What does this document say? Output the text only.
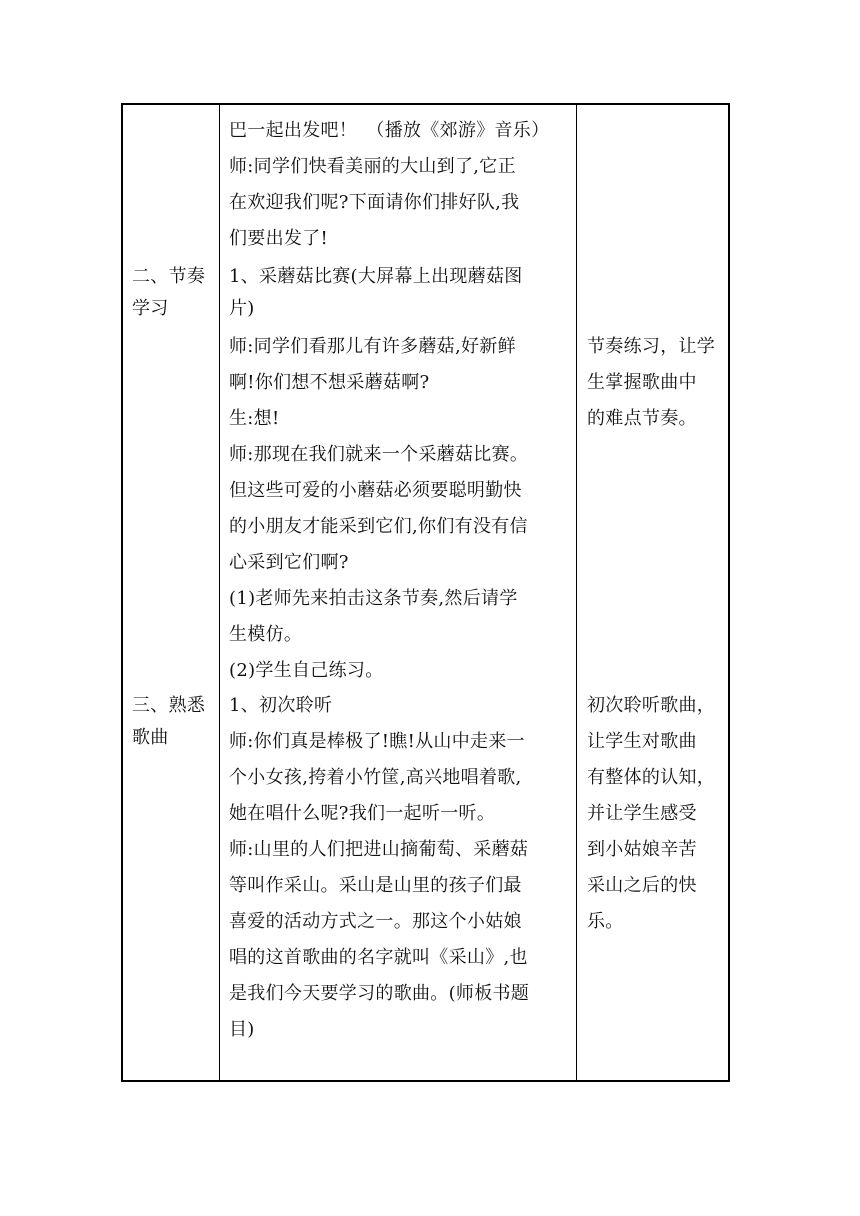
二、节奏
学习
三、熟悉
歌曲
巴一起出发吧！　（播放《郊游》音乐）
师:同学们快看美丽的大山到了,它正
在欢迎我们呢?下面请你们排好队,我
们要出发了!
1、采蘑菇比赛(大屏幕上出现蘑菇图
片)
师:同学们看那儿有许多蘑菇,好新鲜
啊!你们想不想采蘑菇啊?
生:想!
师:那现在我们就来一个采蘑菇比赛。
但这些可爱的小蘑菇必须要聪明勤快
的小朋友才能采到它们,你们有没有信
心采到它们啊?
(1)老师先来拍击这条节奏,然后请学
生模仿。
(2)学生自己练习。
1、初次聆听
师:你们真是棒极了!瞧!从山中走来一
个小女孩,挎着小竹筐,高兴地唱着歌,
她在唱什么呢?我们一起听一听。
师:山里的人们把进山摘葡萄、采蘑菇
等叫作采山。采山是山里的孩子们最
喜爱的活动方式之一。那这个小姑娘
唱的这首歌曲的名字就叫《采山》,也
是我们今天要学习的歌曲。(师板书题
目)
节奏练习，让学
生掌握歌曲中
的难点节奏。
初次聆听歌曲，
让学生对歌曲
有整体的认知，
并让学生感受
到小姑娘辛苦
采山之后的快
乐。
